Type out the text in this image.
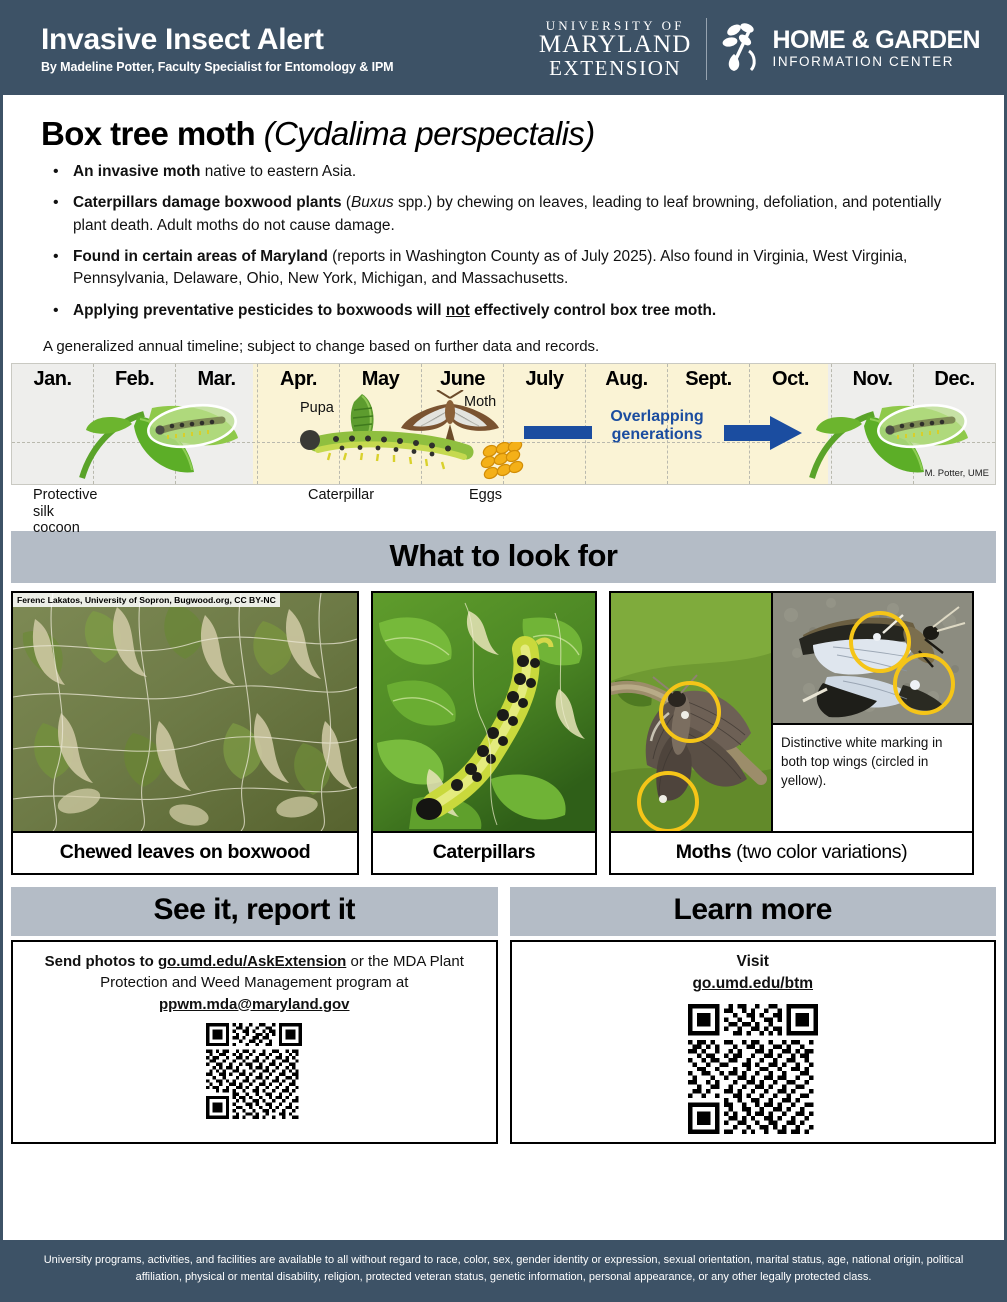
Invasive Insect Alert
By Madeline Potter, Faculty Specialist for Entomology & IPM
UNIVERSITY OF
MARYLAND
EXTENSION
HOME & GARDEN
INFORMATION CENTER
Box tree moth (Cydalima perspectalis)
• An invasive moth native to eastern Asia.
• Caterpillars damage boxwood plants (Buxus spp.) by chewing on leaves, leading to leaf browning, defoliation, and potentially plant death. Adult moths do not cause damage.
• Found in certain areas of Maryland (reports in Washington County as of July 2025). Also found in Virginia, West Virginia, Pennsylvania, Delaware, Ohio, New York, Michigan, and Massachusetts.
• Applying preventative pesticides to boxwoods will not effectively control box tree moth.
A generalized annual timeline; subject to change based on further data and records.
Jan.	Feb.	Mar.	Apr.	May	June	July	Aug.	Sept.	Oct.	Nov.	Dec.
Pupa	Moth
Overlapping
generations
M. Potter, UME
Protective

silk cocoon
Caterpillar	Eggs
What to look for
Ferenc Lakatos, University of Sopron, Bugwood.org, CC BY-NC
Chewed leaves on boxwood	Caterpillars
Distinctive white marking in both top wings (circled in yellow).
Moths (two color variations)
See it, report it
Send photos to go.umd.edu/AskExtension or the MDA Plant Protection and Weed Management program at ppwm.mda@maryland.gov
Learn more
Visit
go.umd.edu/btm
University programs, activities, and facilities are available to all without regard to race, color, sex, gender identity or expression, sexual orientation, marital status, age, national origin, political affiliation, physical or mental disability, religion, protected veteran status, genetic information, personal appearance, or any other legally protected class.
